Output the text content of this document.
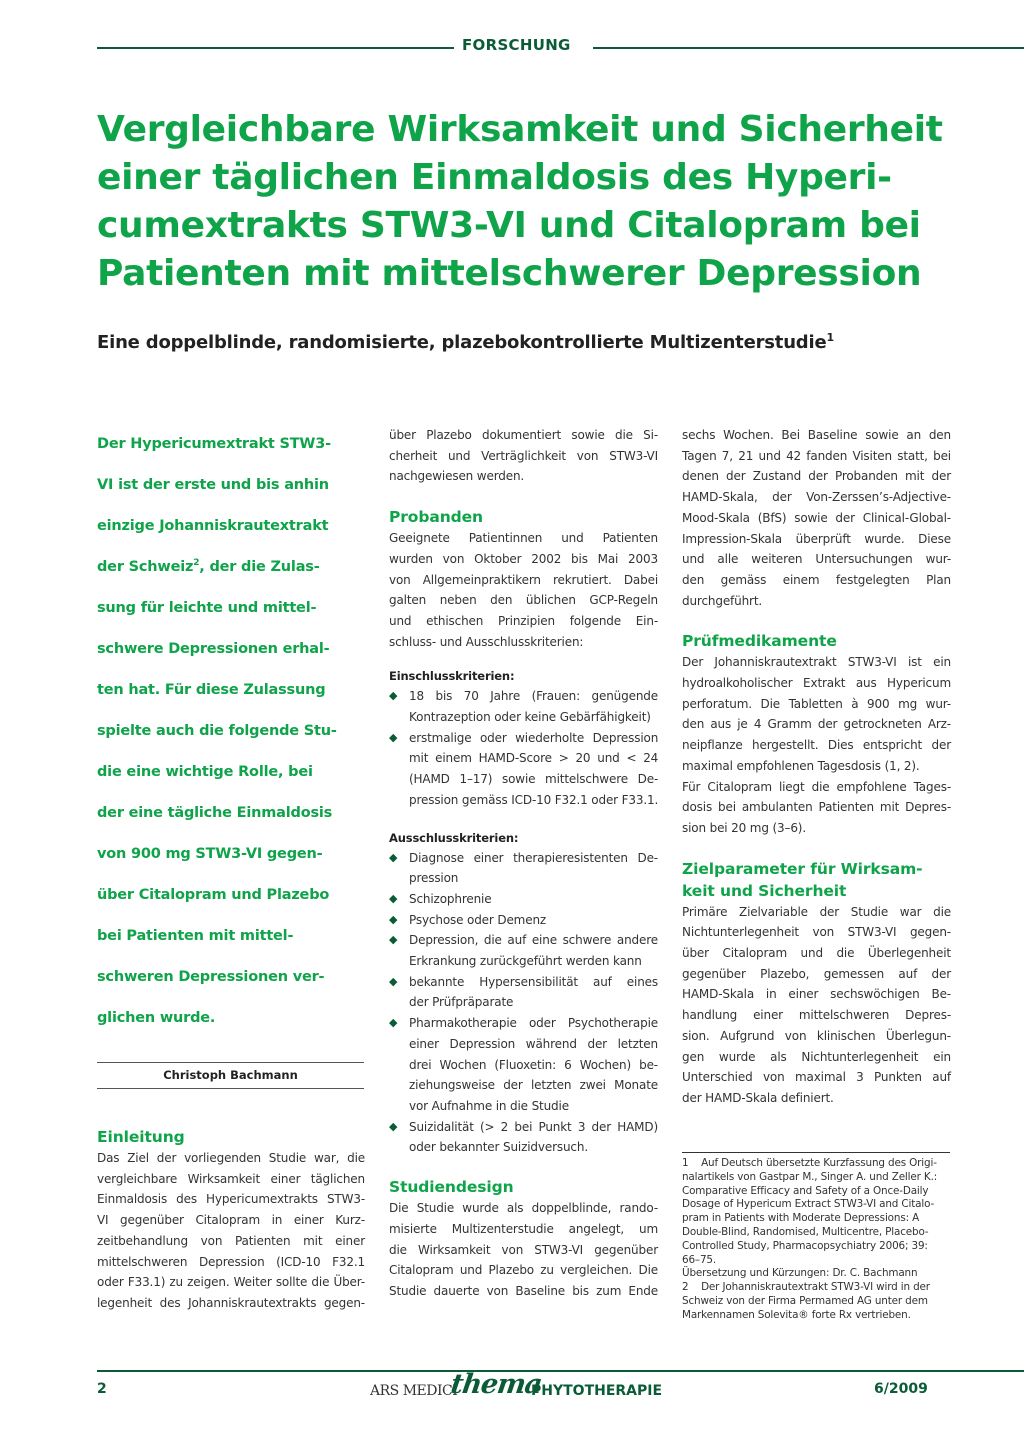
FORSCHUNG
Vergleichbare Wirksamkeit und Sicherheit
einer täglichen Einmaldosis des Hyperi-
cumextrakts STW3-VI und Citalopram bei
Patienten mit mittelschwerer Depression
Eine doppelblinde, randomisierte, plazebokontrollierte Multizenterstudie$^1$
Der Hypericumextrakt STW3-
VI ist der erste und bis anhin
einzige Johanniskrautextrakt
der Schweiz$^2$, der die Zulas-
sung für leichte und mittel-
schwere Depressionen erhal-
ten hat. Für diese Zulassung
spielte auch die folgende Stu-
die eine wichtige Rolle, bei
der eine tägliche Einmaldosis
von 900 mg STW3-VI gegen-
über Citalopram und Plazebo
bei Patienten mit mittel-
schweren Depressionen ver-
glichen wurde.
Christoph Bachmann
Einleitung
Das Ziel der vorliegenden Studie war, die
vergleichbare Wirksamkeit einer täglichen
Einmaldosis des Hypericumextrakts STW3-
VI gegenüber Citalopram in einer Kurz-
zeitbehandlung von Patienten mit einer
mittelschweren Depression (ICD-10 F32.1
oder F33.1) zu zeigen. Weiter sollte die Über-
legenheit des Johanniskrautextrakts gegen-
über Plazebo dokumentiert sowie die Si-
cherheit und Verträglichkeit von STW3-VI
nachgewiesen werden.
Probanden
Geeignete Patientinnen und Patienten
wurden von Oktober 2002 bis Mai 2003
von Allgemeinpraktikern rekrutiert. Dabei
galten neben den üblichen GCP-Regeln
und ethischen Prinzipien folgende Ein-
schluss- und Ausschlusskriterien:
Einschlusskriterien:
◆ 18 bis 70 Jahre (Frauen: genügende
Kontrazeption oder keine Gebärfähigkeit)
◆ erstmalige oder wiederholte Depression
mit einem HAMD-Score > 20 und < 24
(HAMD 1–17) sowie mittelschwere De-
pression gemäss ICD-10 F32.1 oder F33.1.
Ausschlusskriterien:
◆ Diagnose einer therapieresistenten De-
pression
◆ Schizophrenie
◆ Psychose oder Demenz
◆ Depression, die auf eine schwere andere
Erkrankung zurückgeführt werden kann
◆ bekannte Hypersensibilität auf eines
der Prüfpräparate
◆ Pharmakotherapie oder Psychotherapie
einer Depression während der letzten
drei Wochen (Fluoxetin: 6 Wochen) be-
ziehungsweise der letzten zwei Monate
vor Aufnahme in die Studie
◆ Suizidalität (> 2 bei Punkt 3 der HAMD)
oder bekannter Suizidversuch.
Studiendesign
Die Studie wurde als doppelblinde, rando-
misierte Multizenterstudie angelegt, um
die Wirksamkeit von STW3-VI gegenüber
Citalopram und Plazebo zu vergleichen. Die
Studie dauerte von Baseline bis zum Ende
sechs Wochen. Bei Baseline sowie an den
Tagen 7, 21 und 42 fanden Visiten statt, bei
denen der Zustand der Probanden mit der
HAMD-Skala, der Von-Zerssen’s-Adjective-
Mood-Skala (BfS) sowie der Clinical-Global-
Impression-Skala überprüft wurde. Diese
und alle weiteren Untersuchungen wur-
den gemäss einem festgelegten Plan
durchgeführt.
Prüfmedikamente
Der Johanniskrautextrakt STW3-VI ist ein
hydroalkoholischer Extrakt aus Hypericum
perforatum. Die Tabletten à 900 mg wur-
den aus je 4 Gramm der getrockneten Arz-
neipflanze hergestellt. Dies entspricht der
maximal empfohlenen Tagesdosis (1, 2).
Für Citalopram liegt die empfohlene Tages-
dosis bei ambulanten Patienten mit Depres-
sion bei 20 mg (3–6).
Zielparameter für Wirksam-
keit und Sicherheit
Primäre Zielvariable der Studie war die
Nichtunterlegenheit von STW3-VI gegen-
über Citalopram und die Überlegenheit
gegenüber Plazebo, gemessen auf der
HAMD-Skala in einer sechswöchigen Be-
handlung einer mittelschweren Depres-
sion. Aufgrund von klinischen Überlegun-
gen wurde als Nichtunterlegenheit ein
Unterschied von maximal 3 Punkten auf
der HAMD-Skala definiert.
1    Auf Deutsch übersetzte Kurzfassung des Origi-
nalartikels von Gastpar M., Singer A. und Zeller K.:
Comparative Efficacy and Safety of a Once-Daily
Dosage of Hypericum Extract STW3-VI and Citalo-
pram in Patients with Moderate Depressions: A
Double-Blind, Randomised, Multicentre, Placebo-
Controlled Study, Pharmacopsychiatry 2006; 39:
66–75.
Übersetzung und Kürzungen: Dr. C. Bachmann
2    Der Johanniskrautextrakt STW3-VI wird in der
Schweiz von der Firma Permamed AG unter dem
Markennamen Solevita® forte Rx vertrieben.
2	ARS MEDICI
thema
PHYTOTHERAPIE	6/2009
